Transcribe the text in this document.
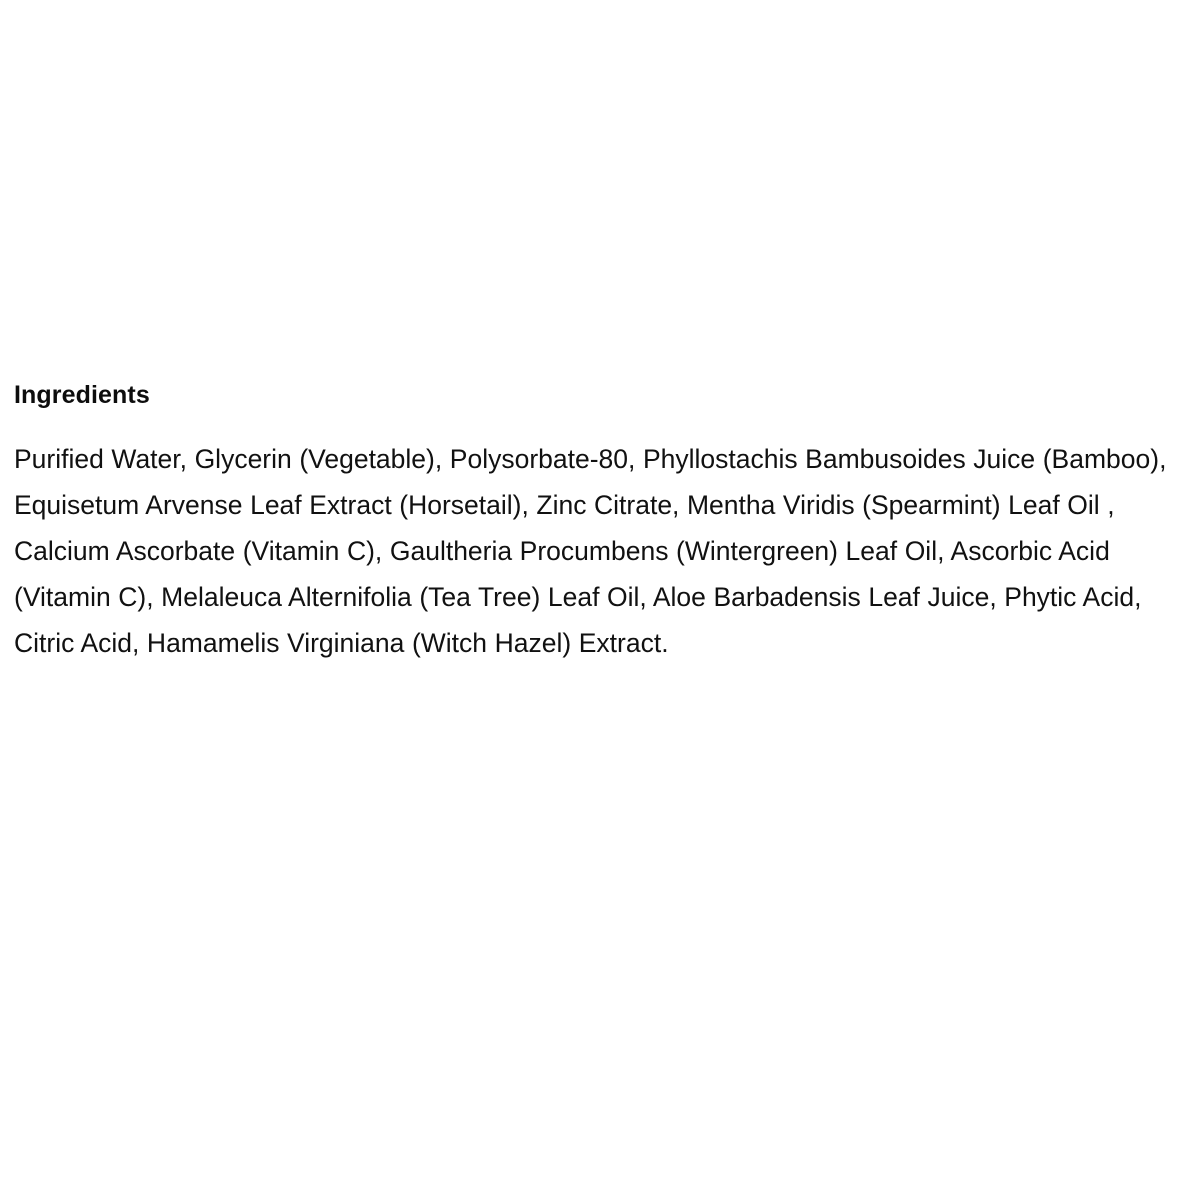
Ingredients

Purified Water, Glycerin (Vegetable), Polysorbate-80, Phyllostachis Bambusoides Juice (Bamboo), Equisetum Arvense Leaf Extract (Horsetail), Zinc Citrate, Mentha Viridis (Spearmint) Leaf Oil , Calcium Ascorbate (Vitamin C), Gaultheria Procumbens (Wintergreen) Leaf Oil, Ascorbic Acid (Vitamin C), Melaleuca Alternifolia (Tea Tree) Leaf Oil, Aloe Barbadensis Leaf Juice, Phytic Acid, Citric Acid, Hamamelis Virginiana (Witch Hazel) Extract.
